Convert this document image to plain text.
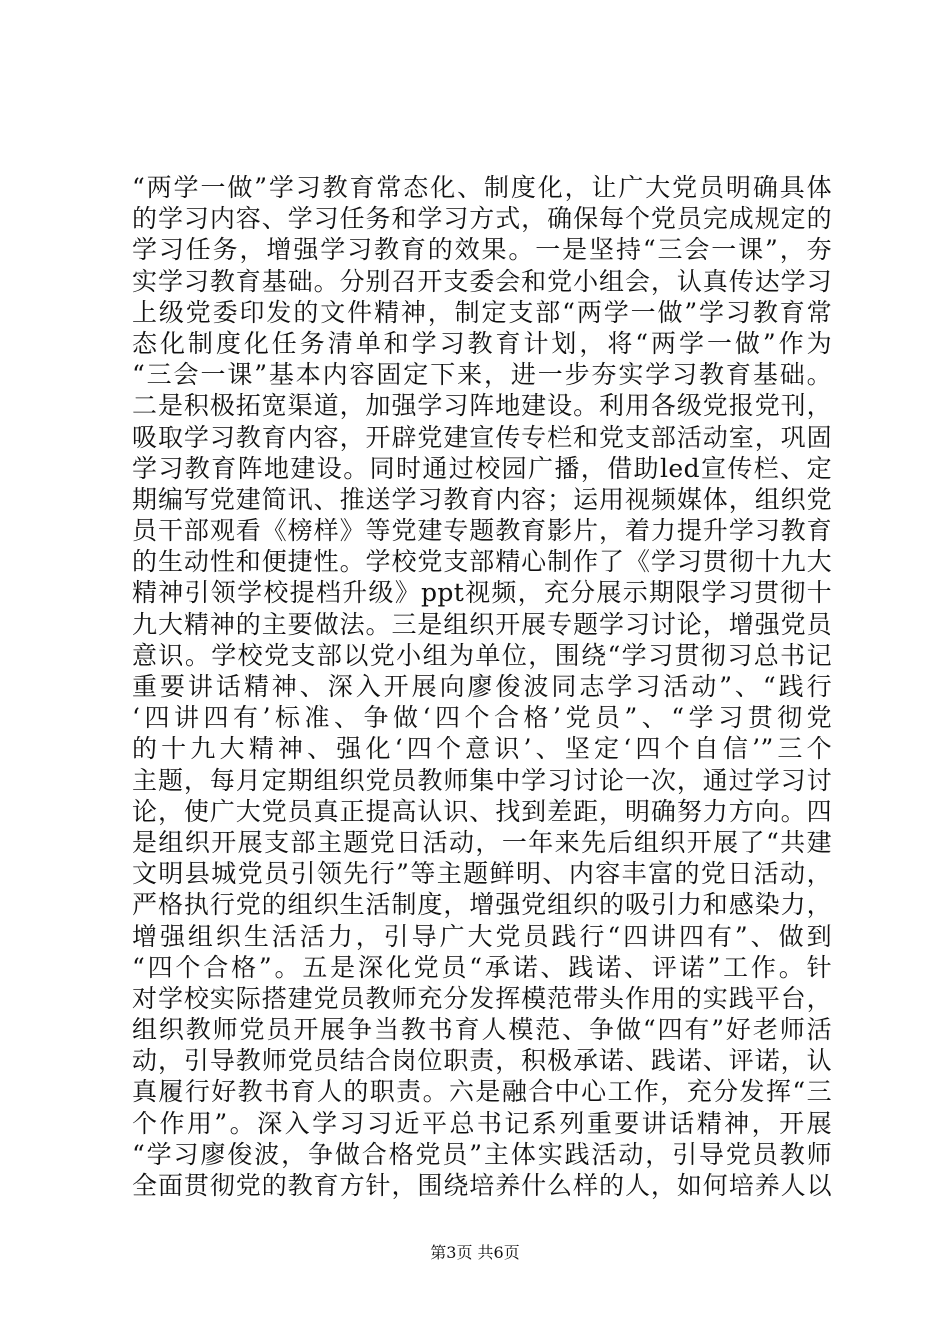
“两学一做”学习教育常态化、制度化，让广大党员明确具体
的学习内容、学习任务和学习方式，确保每个党员完成规定的
学习任务，增强学习教育的效果。一是坚持“三会一课”，夯
实学习教育基础。分别召开支委会和党小组会，认真传达学习
上级党委印发的文件精神，制定支部“两学一做”学习教育常
态化制度化任务清单和学习教育计划，将“两学一做”作为
“三会一课”基本内容固定下来，进一步夯实学习教育基础。
二是积极拓宽渠道，加强学习阵地建设。利用各级党报党刊，
吸取学习教育内容，开辟党建宣传专栏和党支部活动室，巩固
学习教育阵地建设。同时通过校园广播，借助led宣传栏、定
期编写党建简讯、推送学习教育内容；运用视频媒体，组织党
员干部观看《榜样》等党建专题教育影片，着力提升学习教育
的生动性和便捷性。学校党支部精心制作了《学习贯彻十九大
精神引领学校提档升级》ppt视频，充分展示期限学习贯彻十
九大精神的主要做法。三是组织开展专题学习讨论，增强党员
意识。学校党支部以党小组为单位，围绕“学习贯彻习总书记
重要讲话精神、深入开展向廖俊波同志学习活动”、“践行
‘四讲四有’标准、争做‘四个合格’党员”、“学习贯彻党
的十九大精神、强化‘四个意识’、坚定‘四个自信’”三个
主题，每月定期组织党员教师集中学习讨论一次，通过学习讨
论，使广大党员真正提高认识、找到差距，明确努力方向。四
是组织开展支部主题党日活动，一年来先后组织开展了“共建
文明县城党员引领先行”等主题鲜明、内容丰富的党日活动，
严格执行党的组织生活制度，增强党组织的吸引力和感染力，
增强组织生活活力，引导广大党员践行“四讲四有”、做到
“四个合格”。五是深化党员“承诺、践诺、评诺”工作。针
对学校实际搭建党员教师充分发挥模范带头作用的实践平台，
组织教师党员开展争当教书育人模范、争做“四有”好老师活
动，引导教师党员结合岗位职责，积极承诺、践诺、评诺，认
真履行好教书育人的职责。六是融合中心工作，充分发挥“三
个作用”。深入学习习近平总书记系列重要讲话精神，开展
“学习廖俊波，争做合格党员”主体实践活动，引导党员教师
全面贯彻党的教育方针，围绕培养什么样的人，如何培养人以
第3页 共6页
